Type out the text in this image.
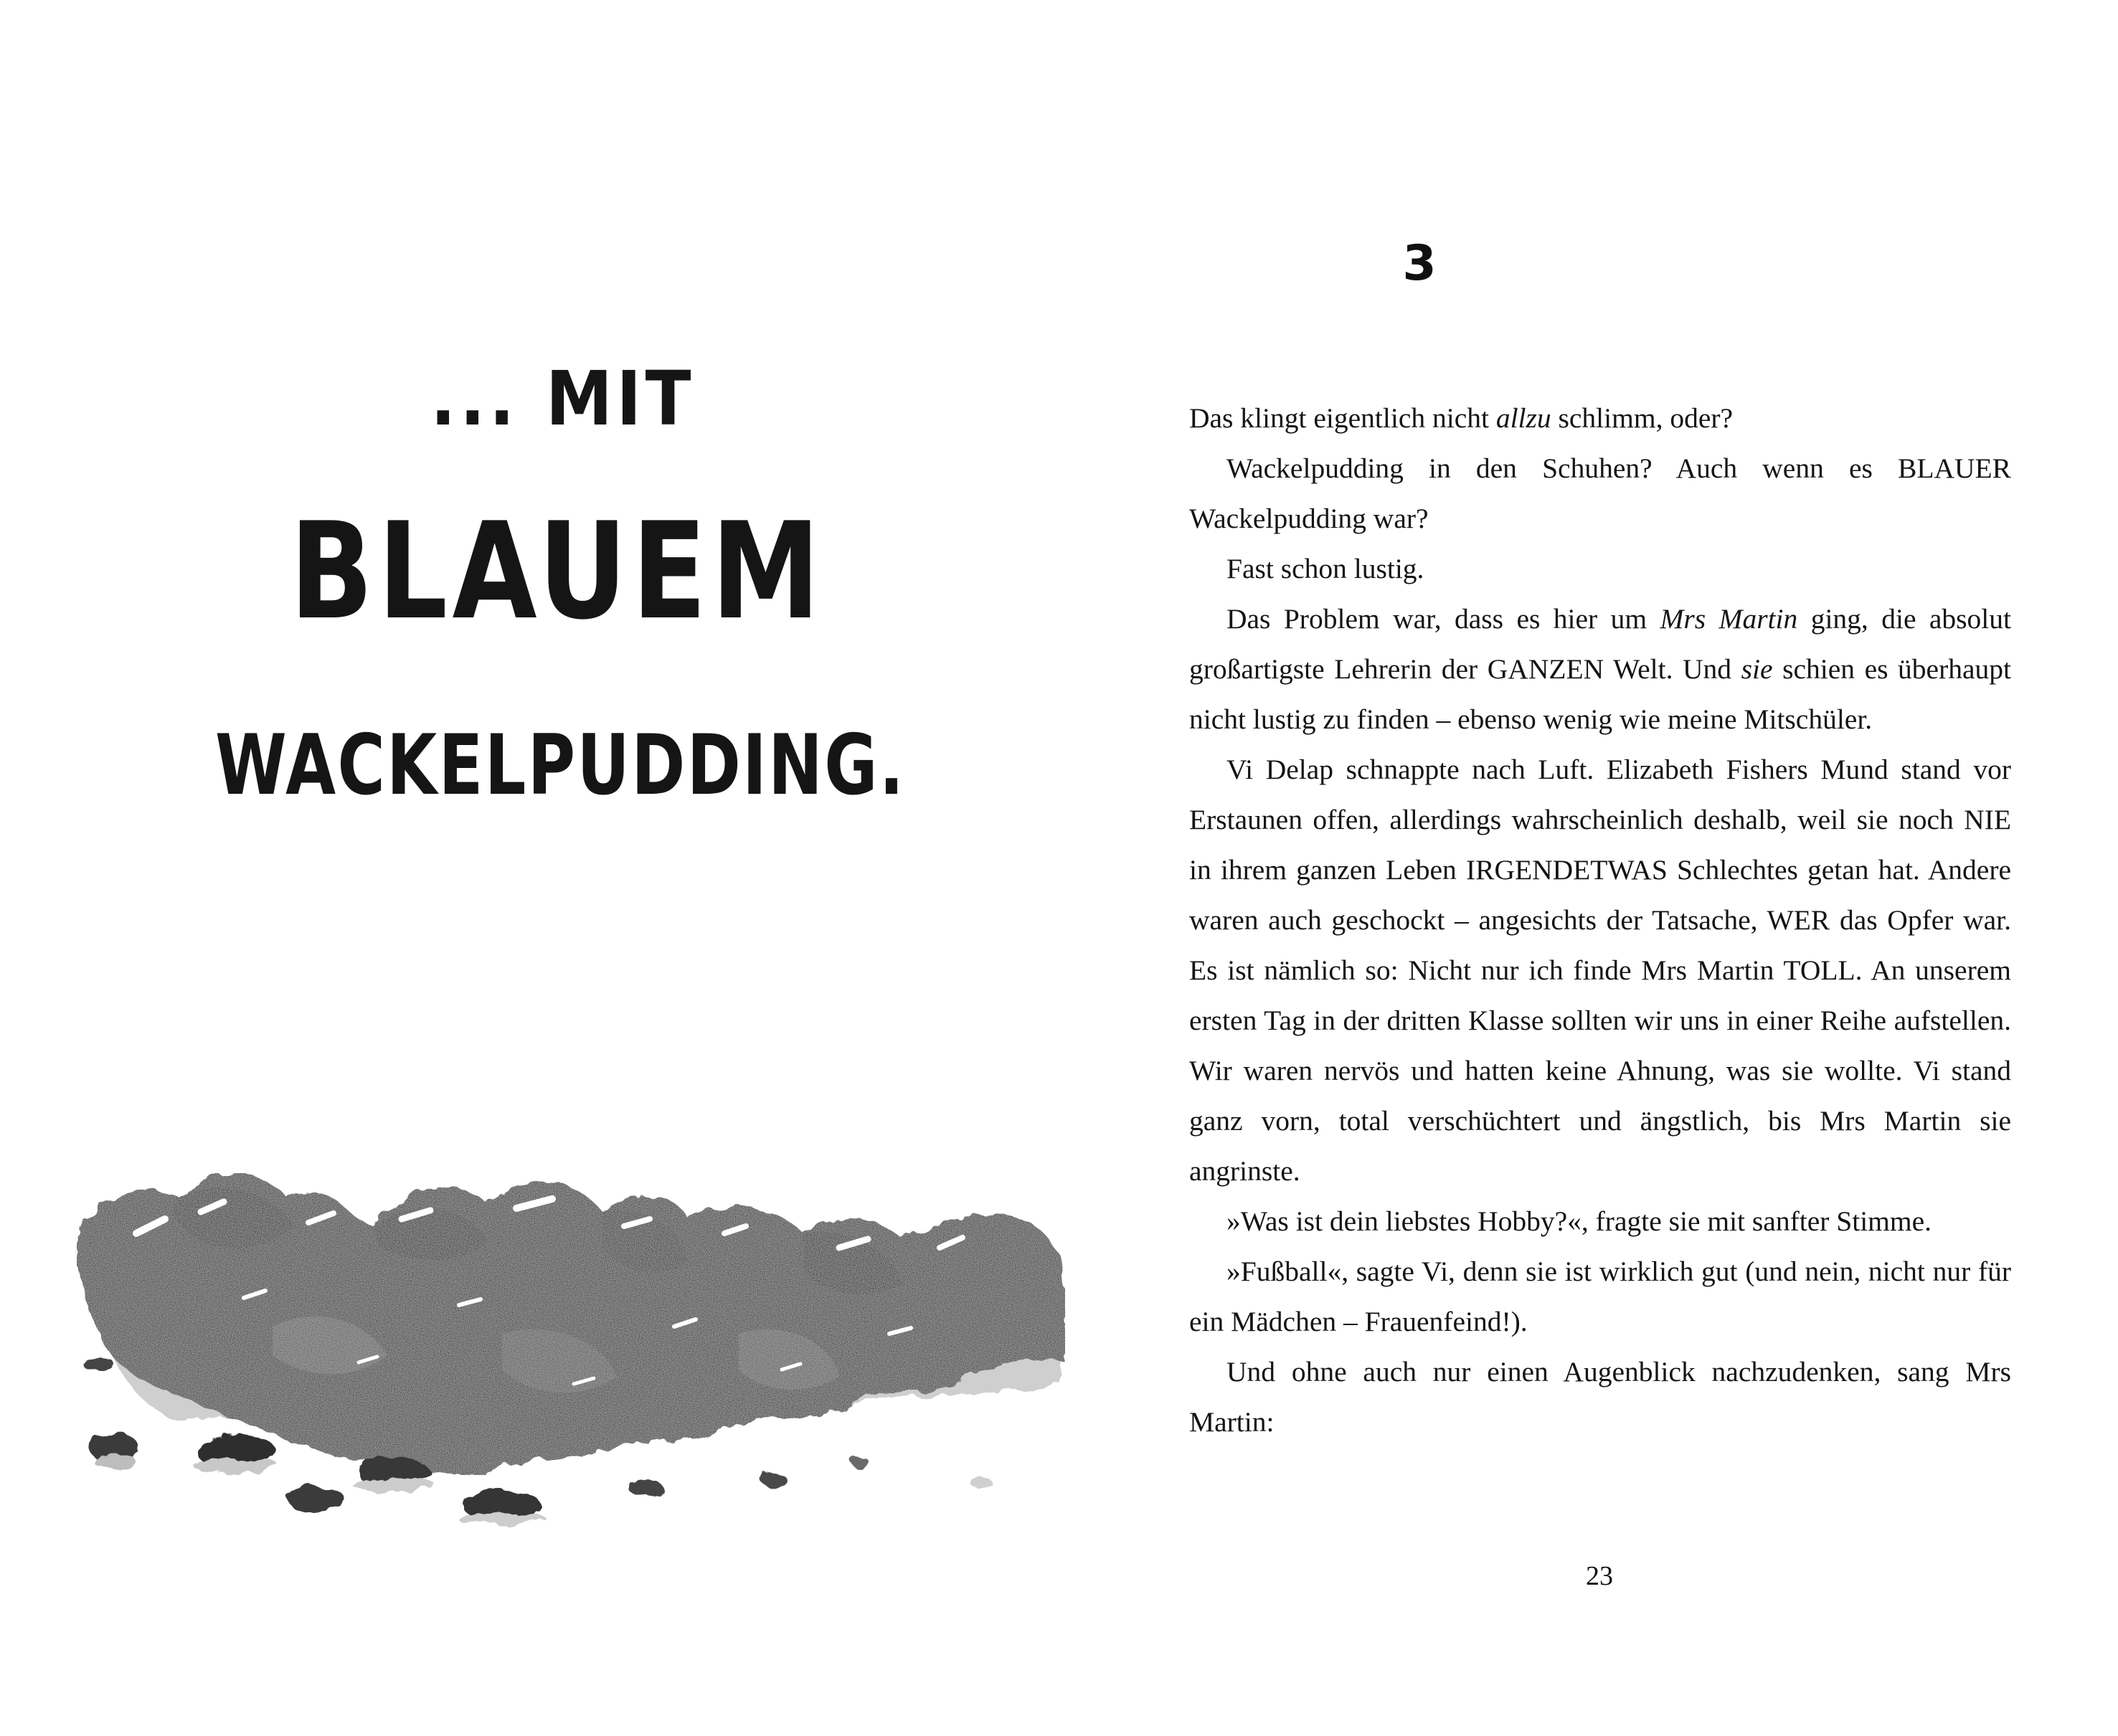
... MIT

BLAUEM

WACKELPUDDING.

3

Das klingt eigentlich nicht allzu schlimm, oder?

Wackelpudding in den Schuhen? Auch wenn es BLAUER Wackelpudding war?

Fast schon lustig.

Das Problem war, dass es hier um Mrs Martin ging, die absolut großartigste Lehrerin der GANZEN Welt. Und sie schien es überhaupt nicht lustig zu finden – ebenso wenig wie meine Mitschüler.

Vi Delap schnappte nach Luft. Elizabeth Fishers Mund stand vor Erstaunen offen, allerdings wahrscheinlich deshalb, weil sie noch NIE in ihrem ganzen Leben IRGENDETWAS Schlechtes getan hat. Andere waren auch geschockt – angesichts der Tatsache, WER das Opfer war. Es ist nämlich so: Nicht nur ich finde Mrs Martin TOLL. An unserem ersten Tag in der dritten Klasse sollten wir uns in einer Reihe aufstellen. Wir waren nervös und hatten keine Ahnung, was sie wollte. Vi stand ganz vorn, total verschüchtert und ängstlich, bis Mrs Martin sie angrinste.

»Was ist dein liebstes Hobby?«, fragte sie mit sanfter Stimme.

»Fußball«, sagte Vi, denn sie ist wirklich gut (und nein, nicht nur für ein Mädchen – Frauenfeind!).

Und ohne auch nur einen Augenblick nachzudenken, sang Mrs Martin:

23
